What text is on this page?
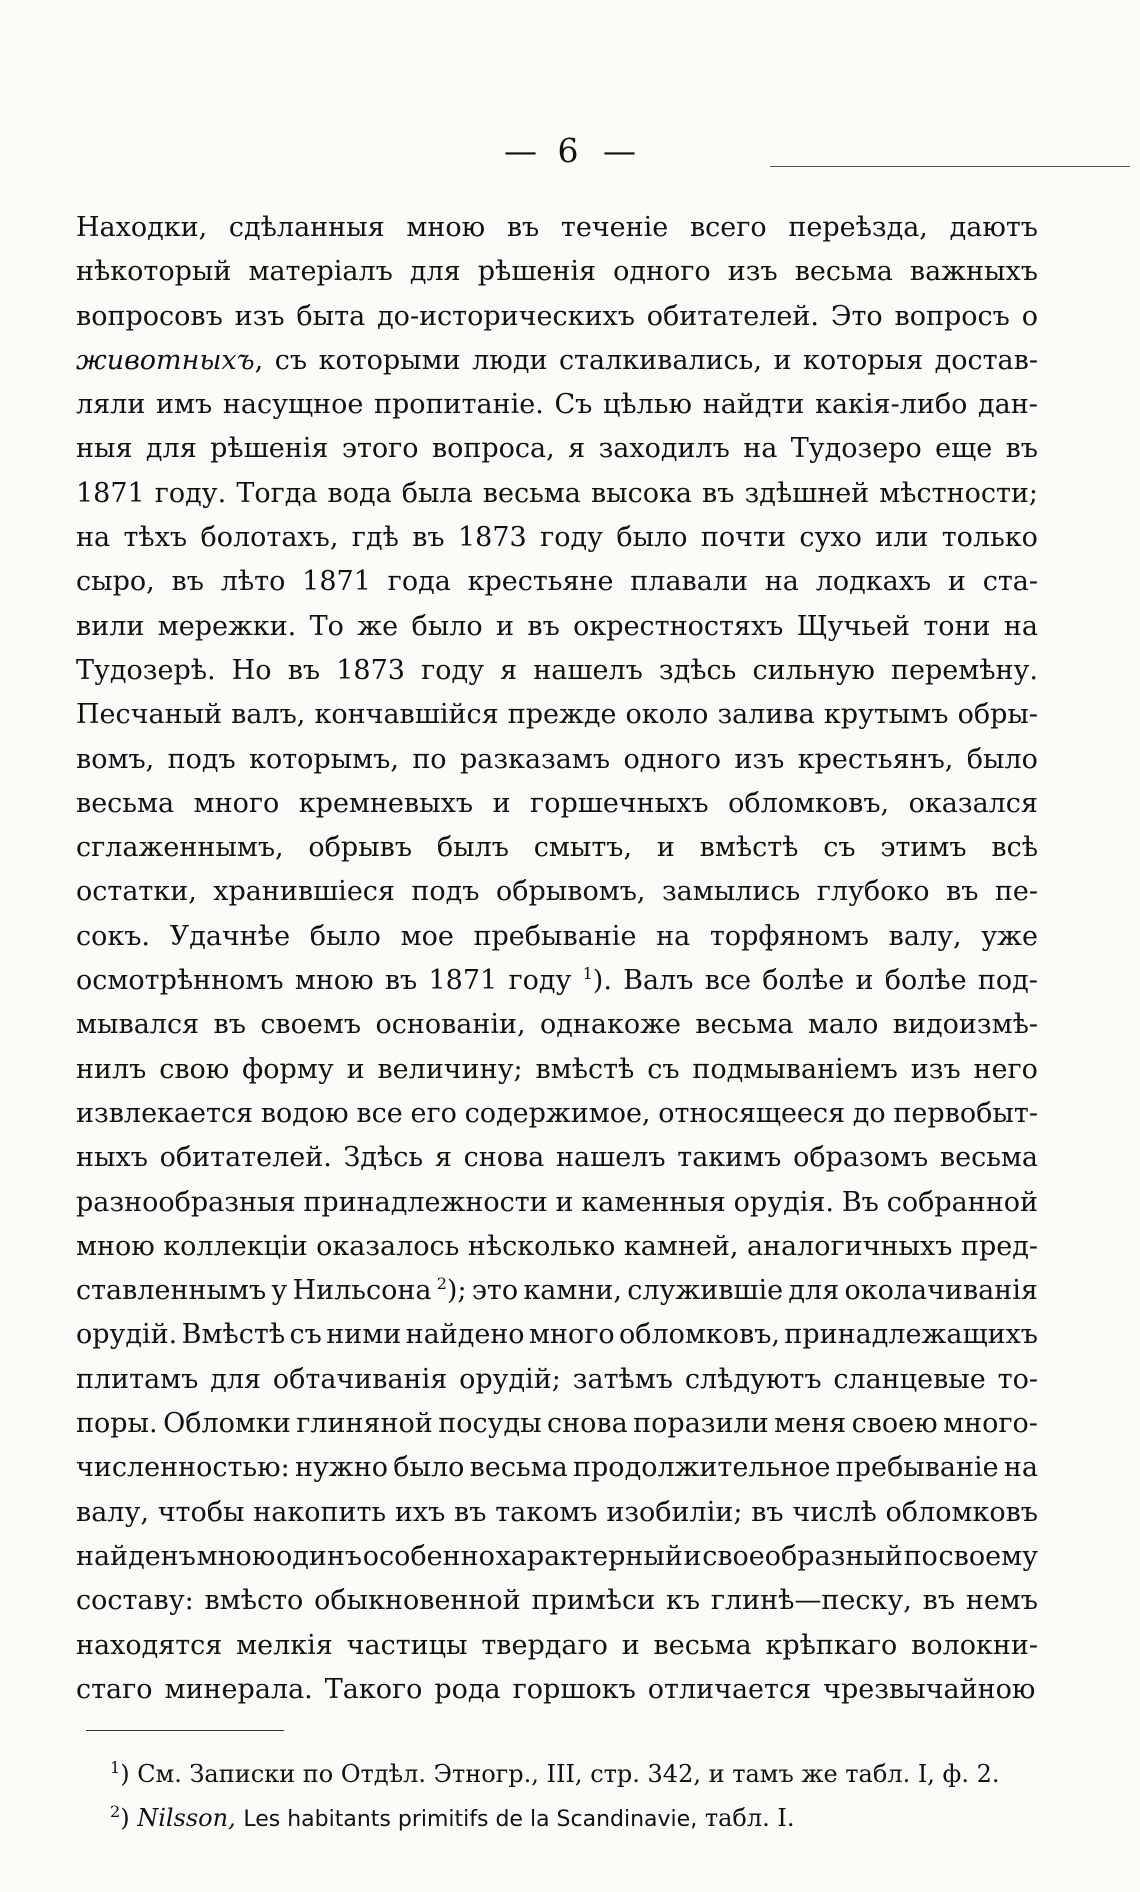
— 6 —
Находки, сдѣланныя мною въ теченіе всего переѣзда, даютъ
нѣкоторый матеріалъ для рѣшенія одного изъ весьма важныхъ
вопросовъ изъ быта до-историческихъ обитателей. Это вопросъ о
животныхъ, съ которыми люди сталкивались, и которыя достав-
ляли имъ насущное пропитаніе. Съ цѣлью найдти какія-либо дан-
ныя для рѣшенія этого вопроса, я заходилъ на Тудозеро еще въ
1871 году. Тогда вода была весьма высока въ здѣшней мѣстности;
на тѣхъ болотахъ, гдѣ въ 1873 году было почти сухо или только
сыро, въ лѣто 1871 года крестьяне плавали на лодкахъ и ста-
вили мережки. То же было и въ окрестностяхъ Щучьей тони на
Тудозерѣ. Но въ 1873 году я нашелъ здѣсь сильную перемѣну.
Песчаный валъ, кончавшійся прежде около залива крутымъ обры-
вомъ, подъ которымъ, по разказамъ одного изъ крестьянъ, было
весьма много кремневыхъ и горшечныхъ обломковъ, оказался
сглаженнымъ, обрывъ былъ смытъ, и вмѣстѣ съ этимъ всѣ
остатки, хранившіеся подъ обрывомъ, замылись глубоко въ пе-
сокъ. Удачнѣе было мое пребываніе на торфяномъ валу, уже
осмотрѣнномъ мною въ 1871 году $^1$). Валъ все болѣе и болѣе под-
мывался въ своемъ основаніи, однакоже весьма мало видоизмѣ-
нилъ свою форму и величину; вмѣстѣ съ подмываніемъ изъ него
извлекается водою все его содержимое, относящееся до первобыт-
ныхъ обитателей. Здѣсь я снова нашелъ такимъ образомъ весьма
разнообразныя принадлежности и каменныя орудія. Въ собранной
мною коллекціи оказалось нѣсколько камней, аналогичныхъ пред-
ставленнымъ у Нильсона $^2$); это камни, служившіе для околачиванія
орудій. Вмѣстѣ съ ними найдено много обломковъ, принадлежащихъ
плитамъ для обтачиванія орудій; затѣмъ слѣдуютъ сланцевые то-
поры. Обломки глиняной посуды снова поразили меня своею много-
численностью: нужно было весьма продолжительное пребываніе на
валу, чтобы накопить ихъ въ такомъ изобиліи; въ числѣ обломковъ
найденъ мною одинъ особенно характерный и своеобразный по своему
составу: вмѣсто обыкновенной примѣси къ глинѣ—песку, въ немъ
находятся мелкія частицы твердаго и весьма крѣпкаго волокни-
стаго минерала. Такого рода горшокъ отличается чрезвычайною
$^1$) См. Записки по Отдѣл. Этногр., III, стр. 342, и тамъ же табл. I, ф. 2.
$^2$) Nilsson, Les habitants primitifs de la Scandinavie, табл. I.
